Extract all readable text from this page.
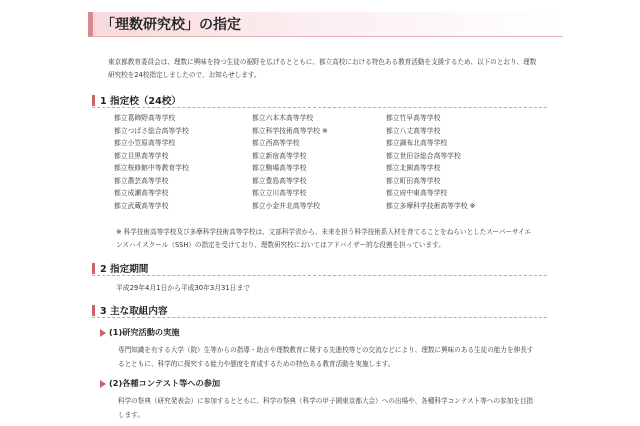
「理数研究校」の指定
東京都教育委員会は、理数に興味を持つ生徒の裾野を広げるとともに、都立高校における特色ある教育活動を支援するため、以下のとおり、理数研究校を24校指定しましたので、お知らせします。
1 指定校（24校）
都立葛飾野高等学校
都立つばさ総合高等学校
都立小笠原高等学校
都立目黒高等学校
都立桜修館中等教育学校
都立農芸高等学校
都立成瀬高等学校
都立武蔵高等学校
都立六本木高等学校
都立科学技術高等学校 ※
都立西高等学校
都立新宿高等学校
都立駒場高等学校
都立豊島高等学校
都立立川高等学校
都立小金井北高等学校
都立竹早高等学校
都立八丈高等学校
都立調布北高等学校
都立世田谷総合高等学校
都立北園高等学校
都立町田高等学校
都立府中東高等学校
都立多摩科学技術高等学校 ※
※ 科学技術高等学校及び多摩科学技術高等学校は、文部科学省から、未来を担う科学技術系人材を育てることをねらいとしたスーパーサイエンスハイスクール（SSH）の指定を受けており、理数研究校においてはアドバイザー的な役割を担っています。
2 指定期間
平成29年4月1日から平成30年3月31日まで
3 主な取組内容
(1)研究活動の実施
専門知識を有する大学（院）生等からの指導・助言や理数教育に関する先進校等との交流などにより、理数に興味のある生徒の能力を伸長するとともに、科学的に探究する能力や態度を育成するための特色ある教育活動を実施します。
(2)各種コンテスト等への参加
科学の祭典（研究発表会）に参加するとともに、科学の祭典（科学の甲子園東京都大会）への出場や、各種科学コンテスト等への参加を目指します。
